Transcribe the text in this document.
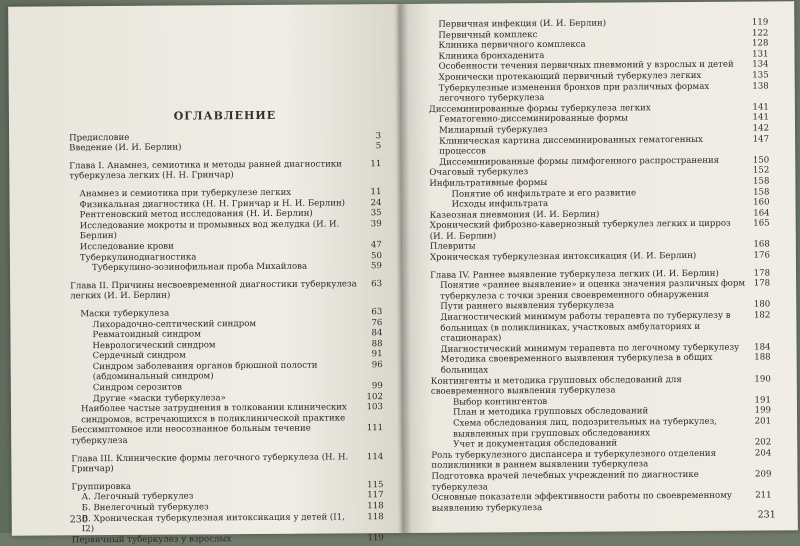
ОГЛАВЛЕНИЕ
Предисловие	3
Введение (И. И. Берлин)	5
Глава I. Анамнез, семиотика и методы ранней диагностики туберкулеза легких (Н. Н. Гринчар)
11
Анамнез и семиотика при туберкулезе легких	11
Физикальная диагностика (Н. Н. Гринчар и Н. И. Берлин)	24
Рентгеновский метод исследования (Н. И. Берлин)	35
Исследование мокроты и промывных вод желудка (И. И. Берлин)
39
Исследование крови	47
Туберкулинодиагностика	50
Туберкулино-эозинофильная проба Михайлова	59
Глава II. Причины несвоевременной диагностики туберкулеза легких (И. И. Берлин)
63
Маски туберкулеза	63
Лихорадочно-септический синдром	76
Ревматоидный синдром	84
Неврологический синдром	88
Сердечный синдром	91
Синдром заболевания органов брюшной полости (абдоминальный синдром)
96
Синдром серозитов	99
Другие «маски туберкулеза»	102
Наиболее частые затруднения в толковании клинических синдромов, встречающихся в поликлинической практике
103
Бессимптомное или неосознанное больным течение туберкулеза
111
Глава III. Клинические формы легочного туберкулеза (Н. Н. Гринчар)
114
Группировка	115
А. Легочный туберкулез	117
Б. Внелегочный туберкулез	118
В. Хроническая туберкулезная интоксикация у детей (I1, I2)
118
Первичный туберкулез у взрослых	119
230
Первичная инфекция (И. И. Берлин)	119
Первичный комплекс	122
Клиника первичного комплекса	128
Клиника бронхаденита	131
Особенности течения первичных пневмоний у взрослых и детей	134
Хронически протекающий первичный туберкулез легких	135
Туберкулезные изменения бронхов при различных формах легочного туберкулеза
138
Диссеминированные формы туберкулеза легких	141
Гематогенно-диссеминированные формы	141
Милиарный туберкулез	142
Клиническая картина диссеминированных гематогенных процессов
147
Диссеминированные формы лимфогенного распространения	150
Очаговый туберкулез	152
Инфильтративные формы	158
Понятие об инфильтрате и его развитие	158
Исходы инфильтрата	160
Казеозная пневмония (И. И. Берлин)	164
Хронический фиброзно-кавернозный туберкулез легких и цирроз (И. И. Берлин)
165
Плевриты	168
Хроническая туберкулезная интоксикация (И. И. Берлин)	176
Глава IV. Раннее выявление туберкулеза легких (И. И. Берлин)	178
Понятие «раннее выявление» и оценка значения различных форм туберкулеза с точки зрения своевременного обнаружения
178
Пути раннего выявления туберкулеза	180
Диагностический минимум работы терапевта по туберкулезу в больницах (в поликлиниках, участковых амбулаториях и стационарах)
182
Диагностический минимум терапевта по легочному туберкулезу	184
Методика своевременного выявления туберкулеза в общих больницах
188
Контингенты и методика групповых обследований для своевременного выявления туберкулеза
190
Выбор контингентов	191
План и методика групповых обследований	199
Схема обследования лиц, подозрительных на туберкулез, выявленных при групповых обследованиях
201
Учет и документация обследований	202
Роль туберкулезного диспансера и туберкулезного отделения поликлиники в раннем выявлении туберкулеза
204
Подготовка врачей лечебных учреждений по диагностике туберкулеза
209
Основные показатели эффективности работы по своевременному выявлению туберкулеза
211
231
